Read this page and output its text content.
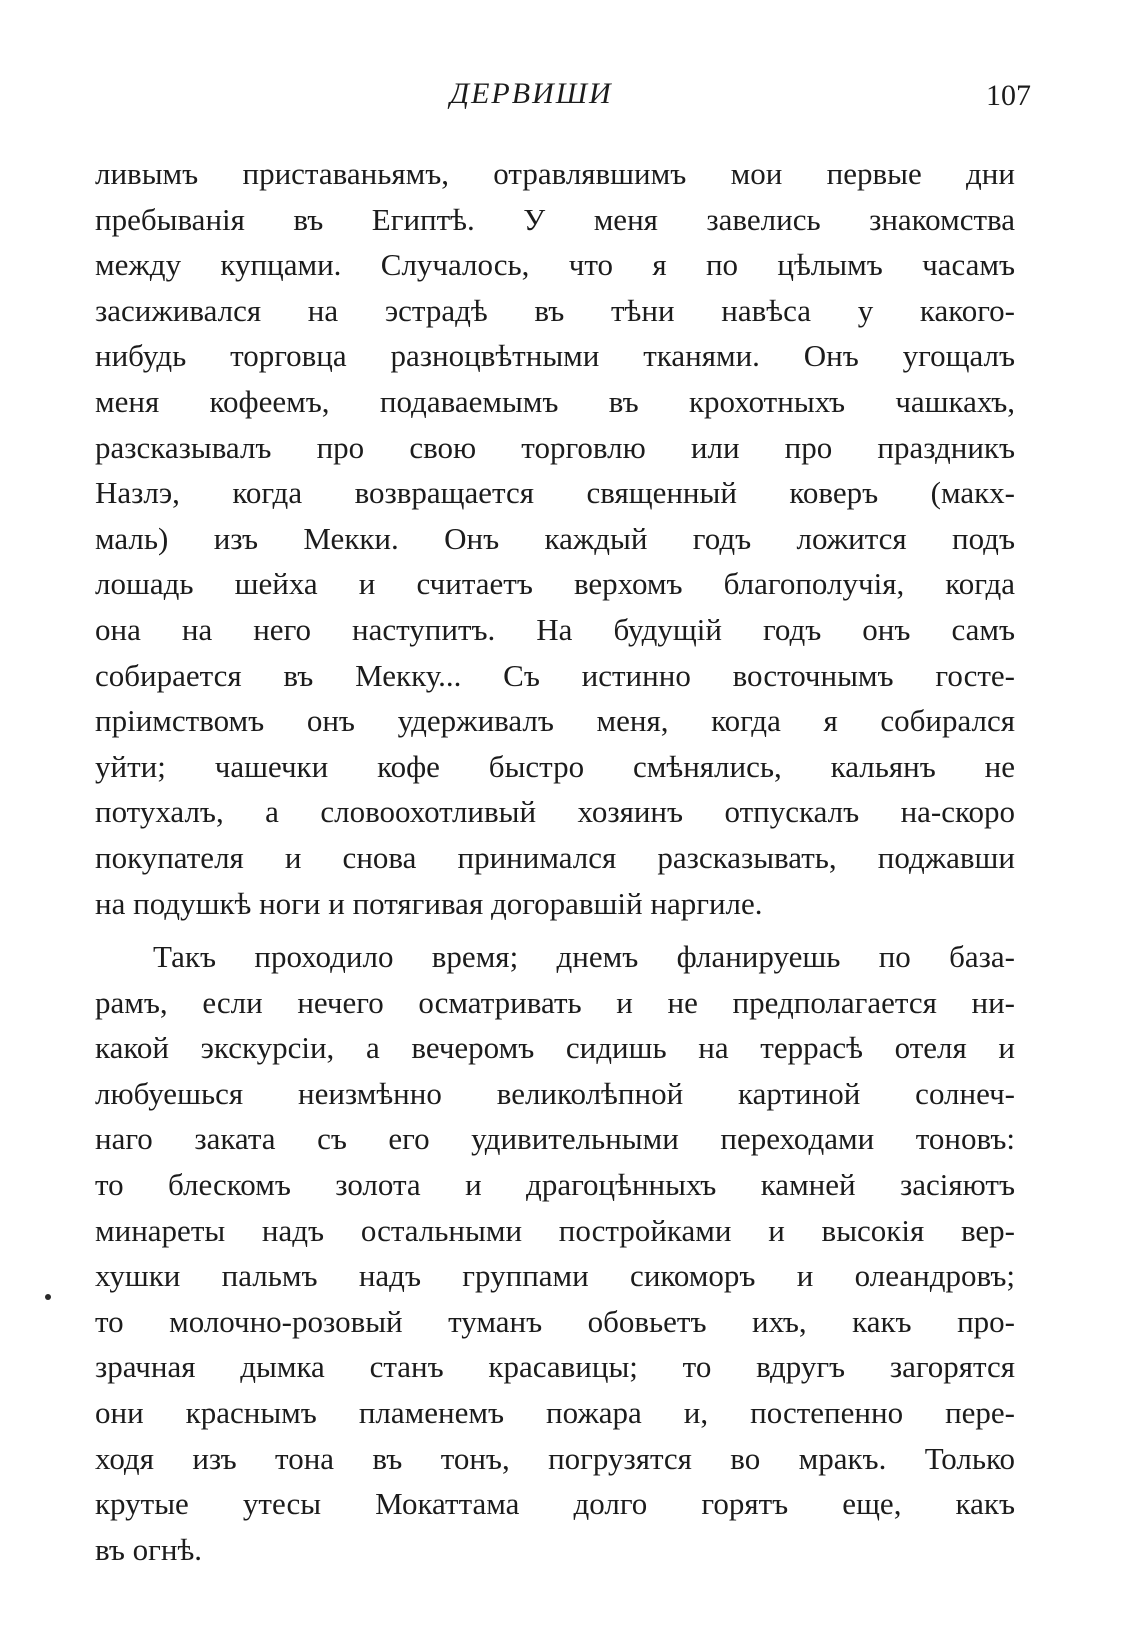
ДЕРВИШИ	107
ливымъ приставаньямъ, отравлявшимъ мои первые дни
пребыванія въ Египтѣ. У меня завелись знакомства
между купцами. Случалось, что я по цѣлымъ часамъ
засиживался на эстрадѣ въ тѣни навѣса у какого-
нибудь торговца разноцвѣтными тканями. Онъ угощалъ
меня кофеемъ, подаваемымъ въ крохотныхъ чашкахъ,
разсказывалъ про свою торговлю или про праздникъ
Назлэ, когда возвращается священный коверъ (макх-
маль) изъ Мекки. Онъ каждый годъ ложится подъ
лошадь шейха и считаетъ верхомъ благополучія, когда
она на него наступитъ. На будущій годъ онъ самъ
собирается въ Мекку... Съ истинно восточнымъ госте-
пріимствомъ онъ удерживалъ меня, когда я собирался
уйти; чашечки кофе быстро смѣнялись, кальянъ не
потухалъ, а словоохотливый хозяинъ отпускалъ на-скоро
покупателя и снова принимался разсказывать, поджавши
на подушкѣ ноги и потягивая догоравшій наргиле.
Такъ проходило время; днемъ фланируешь по база-
рамъ, если нечего осматривать и не предполагается ни-
какой экскурсіи, а вечеромъ сидишь на террасѣ отеля и
любуешься неизмѣнно великолѣпной картиной солнеч-
наго заката съ его удивительными переходами тоновъ:
то блескомъ золота и драгоцѣнныхъ камней засіяютъ
минареты надъ остальными постройками и высокія вер-
хушки пальмъ надъ группами сикоморъ и олеандровъ;
то молочно-розовый туманъ обовьетъ ихъ, какъ про-
зрачная дымка станъ красавицы; то вдругъ загорятся
они краснымъ пламенемъ пожара и, постепенно пере-
ходя изъ тона въ тонъ, погрузятся во мракъ. Только
крутые утесы Мокаттама долго горятъ еще, какъ
въ огнѣ.
